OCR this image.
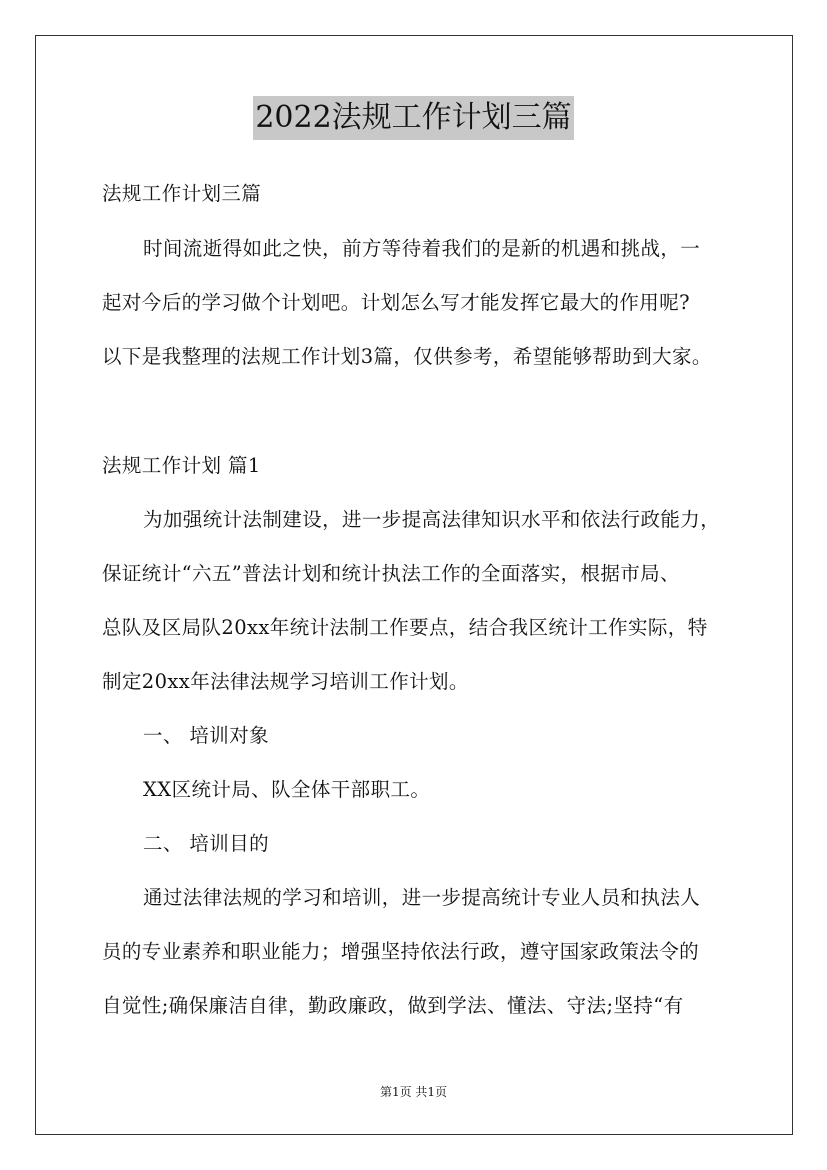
2022法规工作计划三篇
法规工作计划三篇
时间流逝得如此之快，前方等待着我们的是新的机遇和挑战，一
起对今后的学习做个计划吧。计划怎么写才能发挥它最大的作用呢?
以下是我整理的法规工作计划3篇，仅供参考，希望能够帮助到大家。
法规工作计划 篇1
为加强统计法制建设，进一步提高法律知识水平和依法行政能力，
保证统计“六五”普法计划和统计执法工作的全面落实，根据市局、
总队及区局队20xx年统计法制工作要点，结合我区统计工作实际，特
制定20xx年法律法规学习培训工作计划。
一、 培训对象
XX区统计局、队全体干部职工。
二、 培训目的
通过法律法规的学习和培训，进一步提高统计专业人员和执法人
员的专业素养和职业能力；增强坚持依法行政，遵守国家政策法令的
自觉性;确保廉洁自律，勤政廉政，做到学法、懂法、守法;坚持“有
第1页 共1页
